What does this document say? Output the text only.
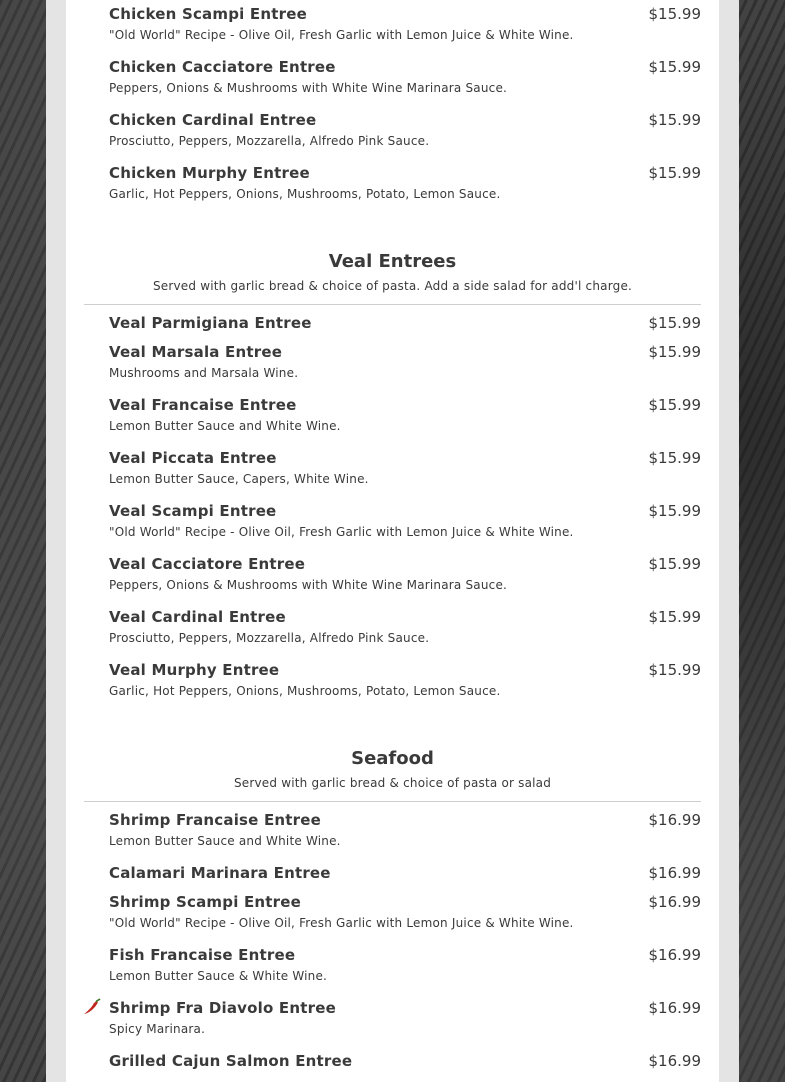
Chicken Scampi Entree	$15.99
"Old World" Recipe - Olive Oil, Fresh Garlic with Lemon Juice & White Wine.
Chicken Cacciatore Entree	$15.99
Peppers, Onions & Mushrooms with White Wine Marinara Sauce.
Chicken Cardinal Entree	$15.99
Prosciutto, Peppers, Mozzarella, Alfredo Pink Sauce.
Chicken Murphy Entree	$15.99
Garlic, Hot Peppers, Onions, Mushrooms, Potato, Lemon Sauce.
Veal Entrees
Served with garlic bread & choice of pasta. Add a side salad for add'l charge.
Veal Parmigiana Entree	$15.99
Veal Marsala Entree	$15.99
Mushrooms and Marsala Wine.
Veal Francaise Entree	$15.99
Lemon Butter Sauce and White Wine.
Veal Piccata Entree	$15.99
Lemon Butter Sauce, Capers, White Wine.
Veal Scampi Entree	$15.99
"Old World" Recipe - Olive Oil, Fresh Garlic with Lemon Juice & White Wine.
Veal Cacciatore Entree	$15.99
Peppers, Onions & Mushrooms with White Wine Marinara Sauce.
Veal Cardinal Entree	$15.99
Prosciutto, Peppers, Mozzarella, Alfredo Pink Sauce.
Veal Murphy Entree	$15.99
Garlic, Hot Peppers, Onions, Mushrooms, Potato, Lemon Sauce.
Seafood
Served with garlic bread & choice of pasta or salad
Shrimp Francaise Entree	$16.99
Lemon Butter Sauce and White Wine.
Calamari Marinara Entree	$16.99
Shrimp Scampi Entree	$16.99
"Old World" Recipe - Olive Oil, Fresh Garlic with Lemon Juice & White Wine.
Fish Francaise Entree	$16.99
Lemon Butter Sauce & White Wine.
Shrimp Fra Diavolo Entree	$16.99
Spicy Marinara.
Grilled Cajun Salmon Entree	$16.99
